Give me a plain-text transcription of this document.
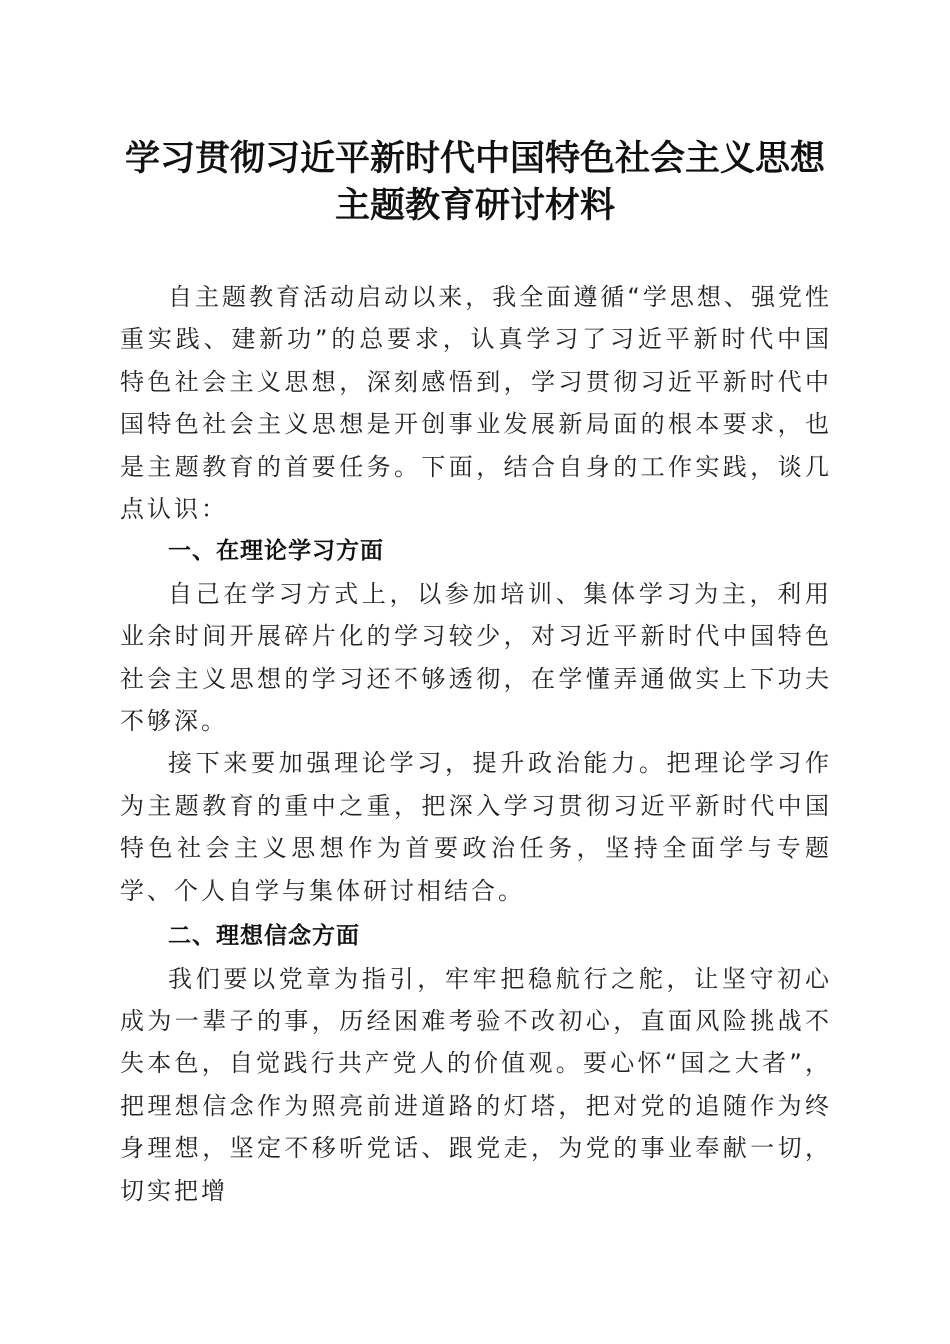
学习贯彻习近平新时代中国特色社会主义思想
主题教育研讨材料

自主题教育活动启动以来，我全面遵循“学思想、强党性重实践、建新功”的总要求，认真学习了习近平新时代中国特色社会主义思想，深刻感悟到，学习贯彻习近平新时代中国特色社会主义思想是开创事业发展新局面的根本要求，也是主题教育的首要任务。下面，结合自身的工作实践，谈几点认识：

一、在理论学习方面

自己在学习方式上，以参加培训、集体学习为主，利用业余时间开展碎片化的学习较少，对习近平新时代中国特色社会主义思想的学习还不够透彻，在学懂弄通做实上下功夫不够深。

接下来要加强理论学习，提升政治能力。把理论学习作为主题教育的重中之重，把深入学习贯彻习近平新时代中国特色社会主义思想作为首要政治任务，坚持全面学与专题学、个人自学与集体研讨相结合。

二、理想信念方面

我们要以党章为指引，牢牢把稳航行之舵，让坚守初心成为一辈子的事，历经困难考验不改初心，直面风险挑战不失本色，自觉践行共产党人的价值观。要心怀“国之大者”，把理想信念作为照亮前进道路的灯塔，把对党的追随作为终身理想，坚定不移听党话、跟党走，为党的事业奉献一切，切实把增
